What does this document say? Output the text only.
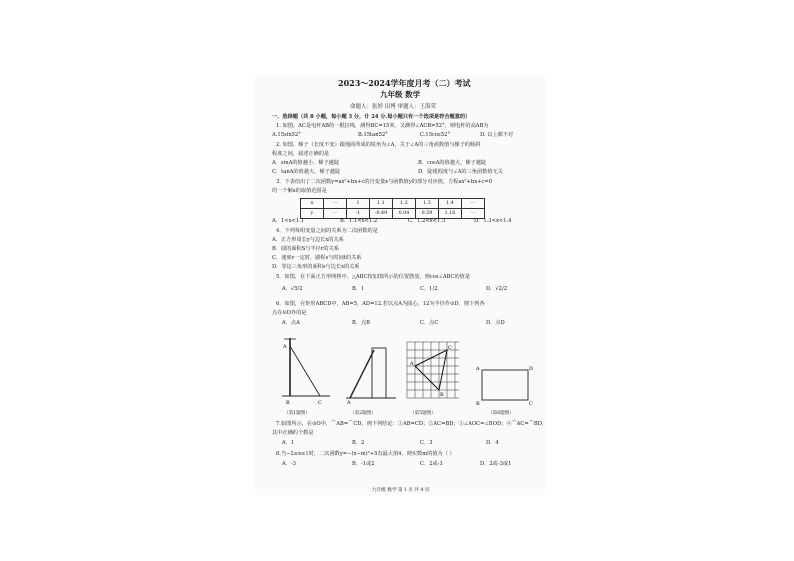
2023～2024学年度月考（二）考试
九年级 数学
命题人：张婷 田博 审题人：王海荣
一、选择题（共 8 小题，每小题 3 分，计 24 分.每小题只有一个选项是符合题意的）
1. 如图，AC是电杆AB的一根拉线，测得BC=15米，又测得∠ACB=52°，则电杆的高AB为
A.15sin52°	B.15tan52°	C.15cos52°	D. 以上都不对
2. 如图，梯子（长度不变）跟地面所成的锐角为∠A，关于∠A的三角函数值与梯子的倾斜
程度之间，叙述正确的是
A．sinA的值越小，梯子越陡	B．cosA的值越大，梯子越陡
C．tanA的值越大，梯子越陡	D．陡缓程度与∠A的三角函数值无关
3．下表给出了二次函数y=ax²+bx+c的自变量x与函数值y的部分对应值，方程ax²+bx+c=0
的一个解x的取值范围是
x	···	1	1.1	1.2	1.3	1.4	···
y	···	-1	-0.49	0.04	0.59	1.16	···
A．1<x<1.1	B．1.1<x<1.2	C．1.2<x<1.3	D．1.3<x<1.4
4．下列每组变量之间的关系为二次函数的是
A．正方形周长y与边长x的关系
B．圆的面积S与半径r的关系
C．速度v一定时，路程s与时间t的关系
D．等边三角形的面积s与边长x的关系
5．如图，在下面正方形网格中，△ABC按如图所示的位置摆放，则cos∠ABC的值是
A．√5/2	B．1	C．1/2	D．√2/2
6．如图，在矩形ABCD中，AB=5，AD=12.若以点A为圆心，12为半径作⊙D，则下列各
点在⊙D外的是
A．点A	B．点B	C．点C	D．点D
A
B	C
（第1题图）
A
（第2题图）
A
C
B
（第5题图）
A	D
B	C
（第6题图）
7.如图所示，在⊙O中，⌒AB=⌒CD，则下列结论：①AB=CD；②AC=BD；③∠AOC=∠BOD；④⌒AC=⌒BD，
其中正确的个数是
A．1	B．2	C．3	D．4
8.当−2≤x≤1时，二次函数y=−(x−m)²+5有最大值4，则实数m的值为（ ）
A．-3	B．-1或2	C．2或-3	D．2或-3或1
九年级 数学 第 1 页 共 4 页
